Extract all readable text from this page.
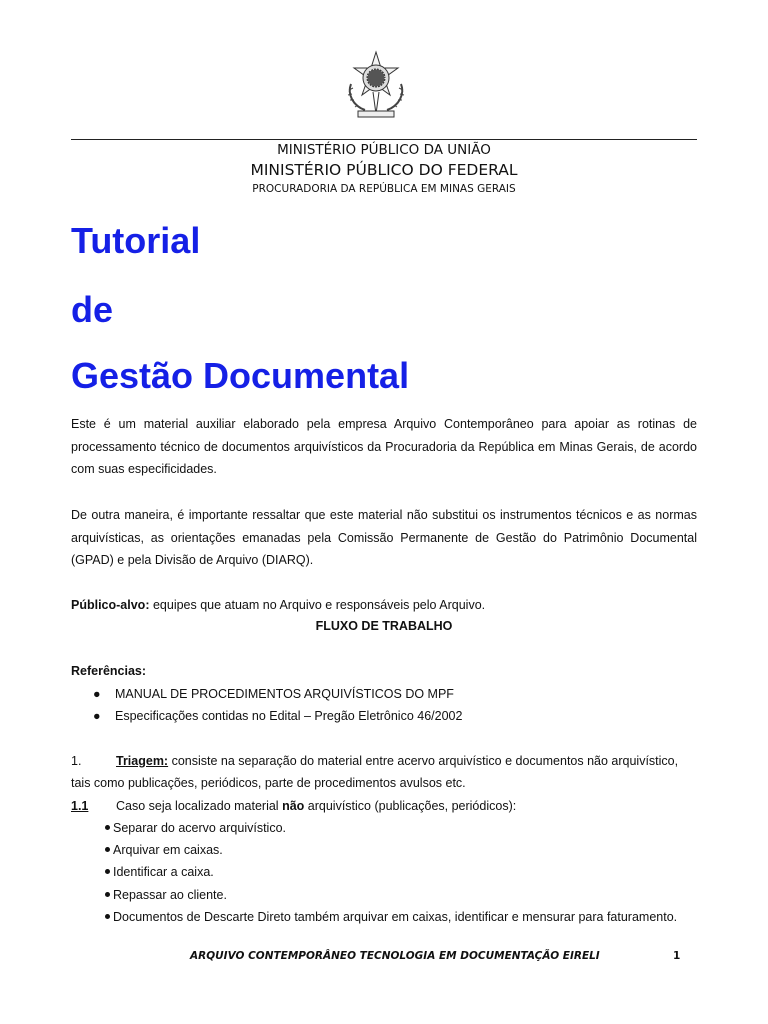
MINISTÉRIO PÚBLICO DA UNIÃO
MINISTÉRIO PÚBLICO DO FEDERAL
PROCURADORIA DA REPÚBLICA EM MINAS GERAIS
Tutorial
de
Gestão Documental
Este é um material auxiliar elaborado pela empresa Arquivo Contemporâneo para apoiar as rotinas de processamento técnico de documentos arquivísticos da Procuradoria da República em Minas Gerais, de acordo com suas especificidades.
De outra maneira, é importante ressaltar que este material não substitui os instrumentos técnicos e as normas arquivísticas, as orientações emanadas pela Comissão Permanente de Gestão do Patrimônio Documental (GPAD) e pela Divisão de Arquivo (DIARQ).
Público-alvo: equipes que atuam no Arquivo e responsáveis pelo Arquivo.
FLUXO DE TRABALHO
Referências:
● MANUAL DE PROCEDIMENTOS ARQUIVÍSTICOS DO MPF
● Especificações contidas no Edital – Pregão Eletrônico 46/2002
1.	Triagem: consiste na separação do material entre acervo arquivístico e documentos não arquivístico,
tais como publicações, periódicos, parte de procedimentos avulsos etc.
1.1 Caso seja localizado material não arquivístico (publicações, periódicos):
Separar do acervo arquivístico.
Arquivar em caixas.
Identificar a caixa.
Repassar ao cliente.
Documentos de Descarte Direto também arquivar em caixas, identificar e mensurar para faturamento.
ARQUIVO CONTEMPORÂNEO TECNOLOGIA EM DOCUMENTAÇÃO EIRELI	1
